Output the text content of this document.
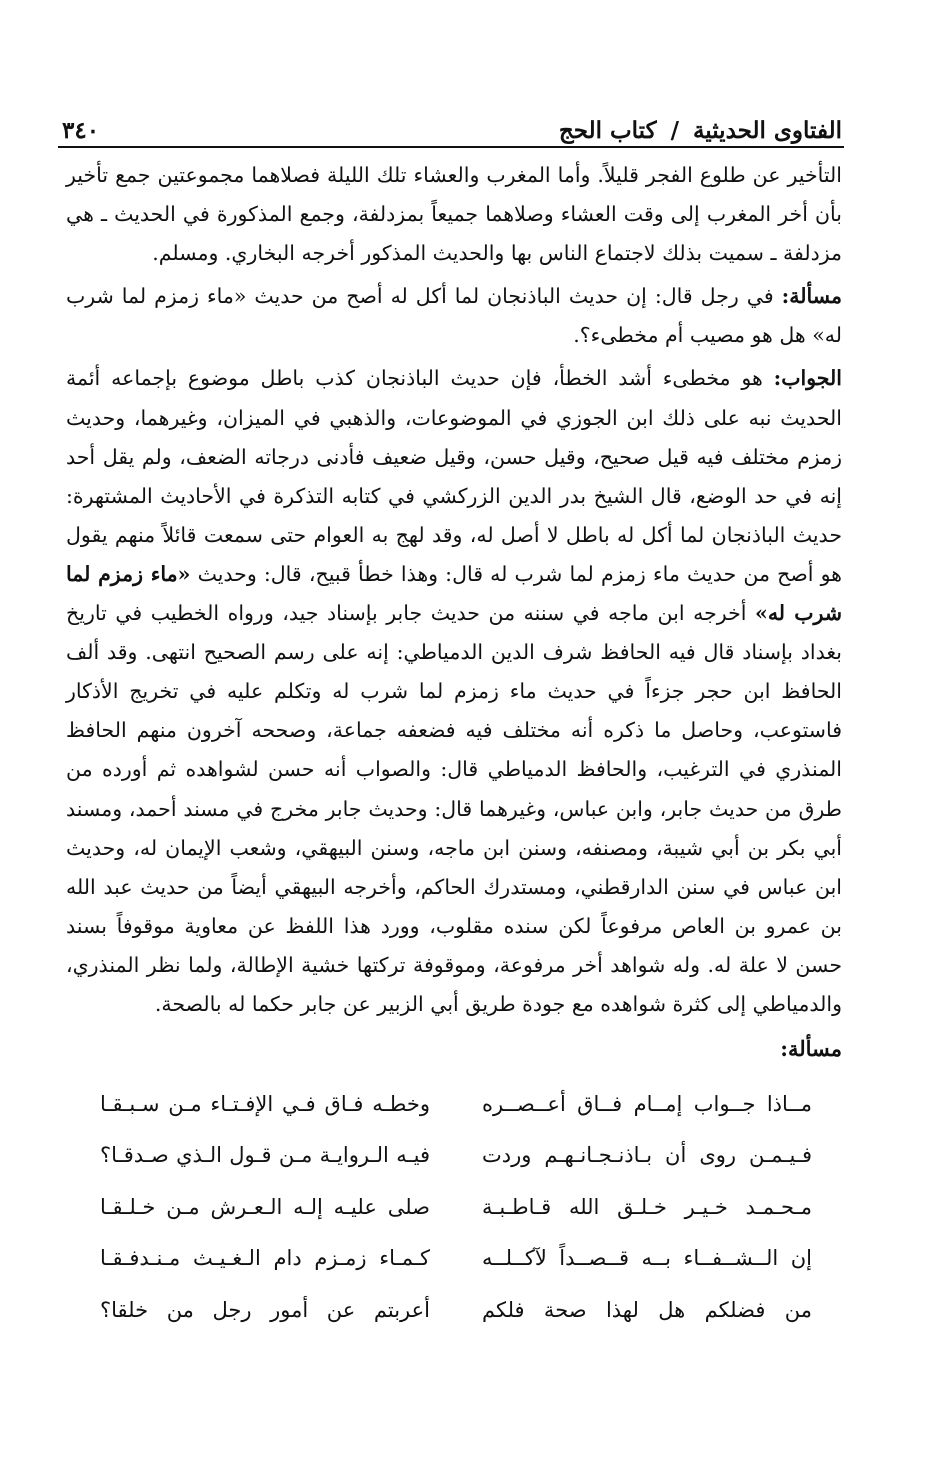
الفتاوى الحديثية
/
كتاب الحج
٣٤٠

التأخير عن طلوع الفجر قليلاً. وأما المغرب والعشاء تلك الليلة فصلاهما مجموعتين جمع تأخير بأن أخر المغرب إلى وقت العشاء وصلاهما جميعاً بمزدلفة، وجمع المذكورة في الحديث ـ هي مزدلفة ـ سميت بذلك لاجتماع الناس بها والحديث المذكور أخرجه البخاري. ومسلم.

مسألة: في رجل قال: إن حديث الباذنجان لما أكل له أصح من حديث «ماء زمزم لما شرب له» هل هو مصيب أم مخطىء؟.

الجواب: هو مخطىء أشد الخطأ، فإن حديث الباذنجان كذب باطل موضوع بإجماعه أئمة الحديث نبه على ذلك ابن الجوزي في الموضوعات، والذهبي في الميزان، وغيرهما، وحديث زمزم مختلف فيه قيل صحيح، وقيل حسن، وقيل ضعيف فأدنى درجاته الضعف، ولم يقل أحد إنه في حد الوضع، قال الشيخ بدر الدين الزركشي في كتابه التذكرة في الأحاديث المشتهرة: حديث الباذنجان لما أكل له باطل لا أصل له، وقد لهج به العوام حتى سمعت قائلاً منهم يقول هو أصح من حديث ماء زمزم لما شرب له قال: وهذا خطأ قبيح، قال: وحديث «ماء زمزم لما شرب له» أخرجه ابن ماجه في سننه من حديث جابر بإسناد جيد، ورواه الخطيب في تاريخ بغداد بإسناد قال فيه الحافظ شرف الدين الدمياطي: إنه على رسم الصحيح انتهى. وقد ألف الحافظ ابن حجر جزءاً في حديث ماء زمزم لما شرب له وتكلم عليه في تخريج الأذكار فاستوعب، وحاصل ما ذكره أنه مختلف فيه فضعفه جماعة، وصححه آخرون منهم الحافظ المنذري في الترغيب، والحافظ الدمياطي قال: والصواب أنه حسن لشواهده ثم أورده من طرق من حديث جابر، وابن عباس، وغيرهما قال: وحديث جابر مخرج في مسند أحمد، ومسند أبي بكر بن أبي شيبة، ومصنفه، وسنن ابن ماجه، وسنن البيهقي، وشعب الإيمان له، وحديث ابن عباس في سنن الدارقطني، ومستدرك الحاكم، وأخرجه البيهقي أيضاً من حديث عبد الله بن عمرو بن العاص مرفوعاً لكن سنده مقلوب، وورد هذا اللفظ عن معاوية موقوفاً بسند حسن لا علة له. وله شواهد أخر مرفوعة، وموقوفة تركتها خشية الإطالة، ولما نظر المنذري، والدمياطي إلى كثرة شواهده مع جودة طريق أبي الزبير عن جابر حكما له بالصحة.

مسألة:
مــاذا جــواب إمــام فــاق أعــصــره
وخطـه فـاق فـي الإفـتـاء مـن سـبـقـا
فـيـمـن روى أن بـاذنـجـانـهـم وردت
فيـه الـروايـة مـن قـول الـذي صـدقـا؟
مـحـمـد خـيـر خـلـق الله قـاطـبـة
صلى عليـه إلـه الـعـرش مـن خـلـقـا
إن الــشــفــاء بــه قــصــداً لآكــلــه
كـمـاء زمـزم دام الـغـيـث مـنـدفـقـا
من فضلكم هل لهذا صحة فلكم
أعربتم عن أمور رجل من خلقا؟
